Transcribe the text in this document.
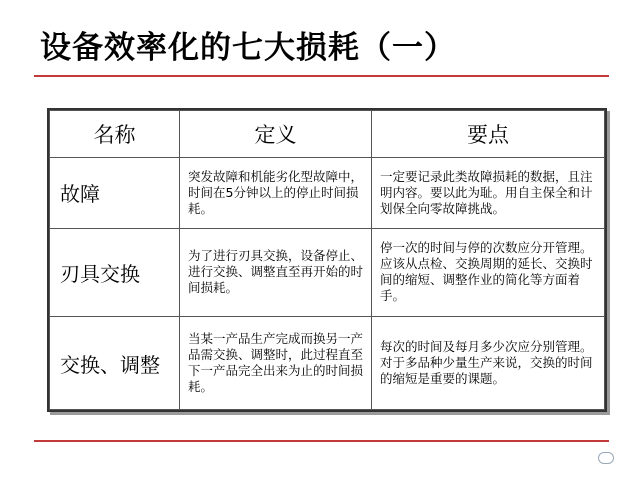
设备效率化的七大损耗（一）
名称	定义	要点
故障	突发故障和机能劣化型故障中，时间在5分钟以上的停止时间损耗。	一定要记录此类故障损耗的数据，且注明内容。要以此为耻。用自主保全和计划保全向零故障挑战。
刃具交换	为了进行刃具交换，设备停止、进行交换、调整直至再开始的时间损耗。	停一次的时间与停的次数应分开管理。应该从点检、交换周期的延长、交换时间的缩短、调整作业的简化等方面着手。
交换、调整	当某一产品生产完成而换另一产品需交换、调整时，此过程直至下一产品完全出来为止的时间损耗。	每次的时间及每月多少次应分别管理。对于多品种少量生产来说，交换的时间的缩短是重要的课题。
